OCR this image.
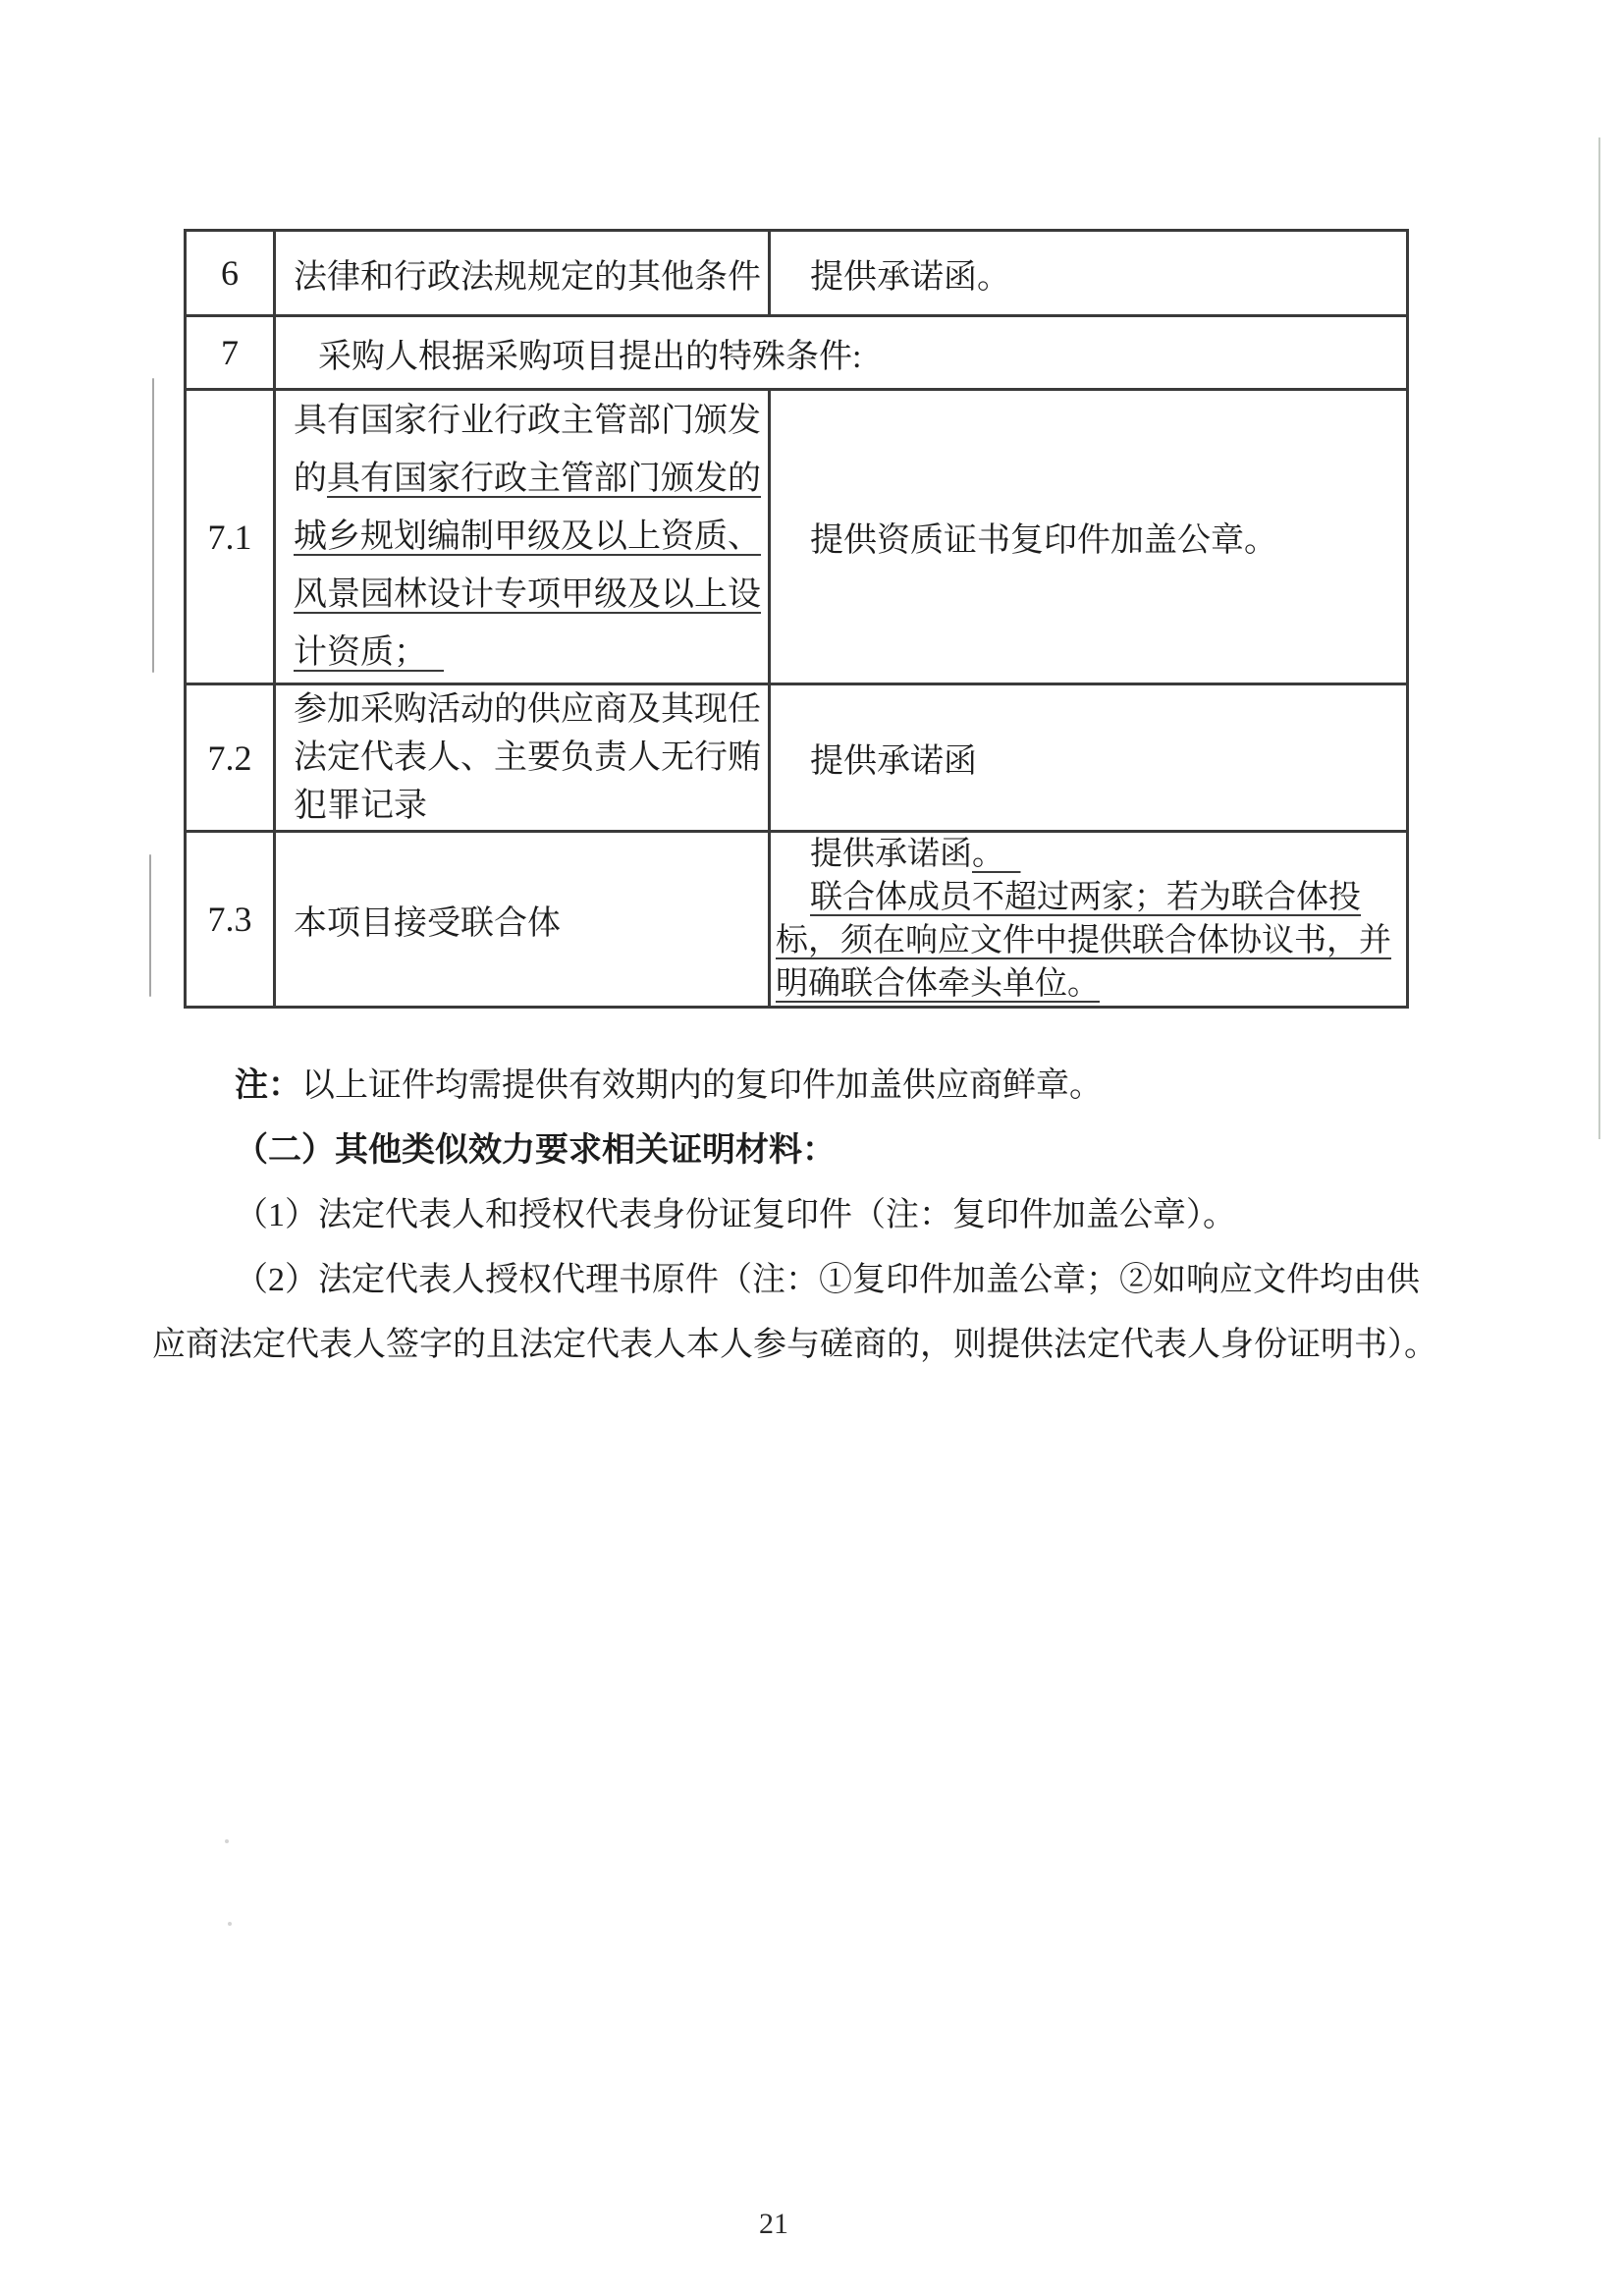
6	法律和行政法规规定的其他条件	提供承诺函。

7	采购人根据采购项目提出的特殊条件:	

7.1	具有国家行业行政主管部门颁发
的具有国家行政主管部门颁发的
城乡规划编制甲级及以上资质、
风景园林设计专项甲级及以上设
计资质；　	提供资质证书复印件加盖公章。

7.2	参加采购活动的供应商及其现任
法定代表人、主要负责人无行贿
犯罪记录	提供承诺函

7.3	本项目接受联合体	提供承诺函。　
联合体成员不超过两家；若为联合体投
标，须在响应文件中提供联合体协议书，并
明确联合体牵头单位。
注：以上证件均需提供有效期内的复印件加盖供应商鲜章。
（二）其他类似效力要求相关证明材料：
（1）法定代表人和授权代表身份证复印件（注：复印件加盖公章）。
（2）法定代表人授权代理书原件（注：①复印件加盖公章；②如响应文件均由供
应商法定代表人签字的且法定代表人本人参与磋商的，则提供法定代表人身份证明书）。
21
